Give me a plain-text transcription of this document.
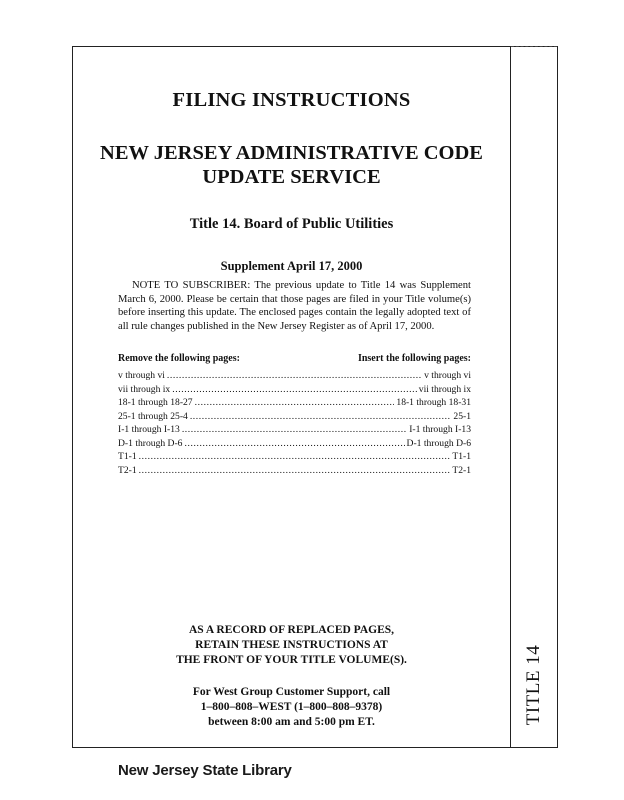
FILING INSTRUCTIONS
NEW JERSEY ADMINISTRATIVE CODE
UPDATE SERVICE
Title 14. Board of Public Utilities
Supplement April 17, 2000
NOTE TO SUBSCRIBER: The previous update to Title 14 was Supplement March 6, 2000. Please be certain that those pages are filed in your Title volume(s) before inserting this update. The enclosed pages contain the legally adopted text of all rule changes published in the New Jersey Register as of April 17, 2000.
Remove the following pages:	Insert the following pages:
v through vi .....	v through vi
vii through ix .....	vii through ix
18-1 through 18-27 .....	18-1 through 18-31
25-1 through 25-4 .....	25-1
I-1 through I-13 .....	I-1 through I-13
D-1 through D-6 .....	D-1 through D-6
T1-1 .....	T1-1
T2-1 .....	T2-1
AS A RECORD OF REPLACED PAGES,
RETAIN THESE INSTRUCTIONS AT
THE FRONT OF YOUR TITLE VOLUME(S).
For West Group Customer Support, call
1–800–808–WEST (1–800–808–9378)
between 8:00 am and 5:00 pm ET.	TITLE 14
New Jersey State Library
